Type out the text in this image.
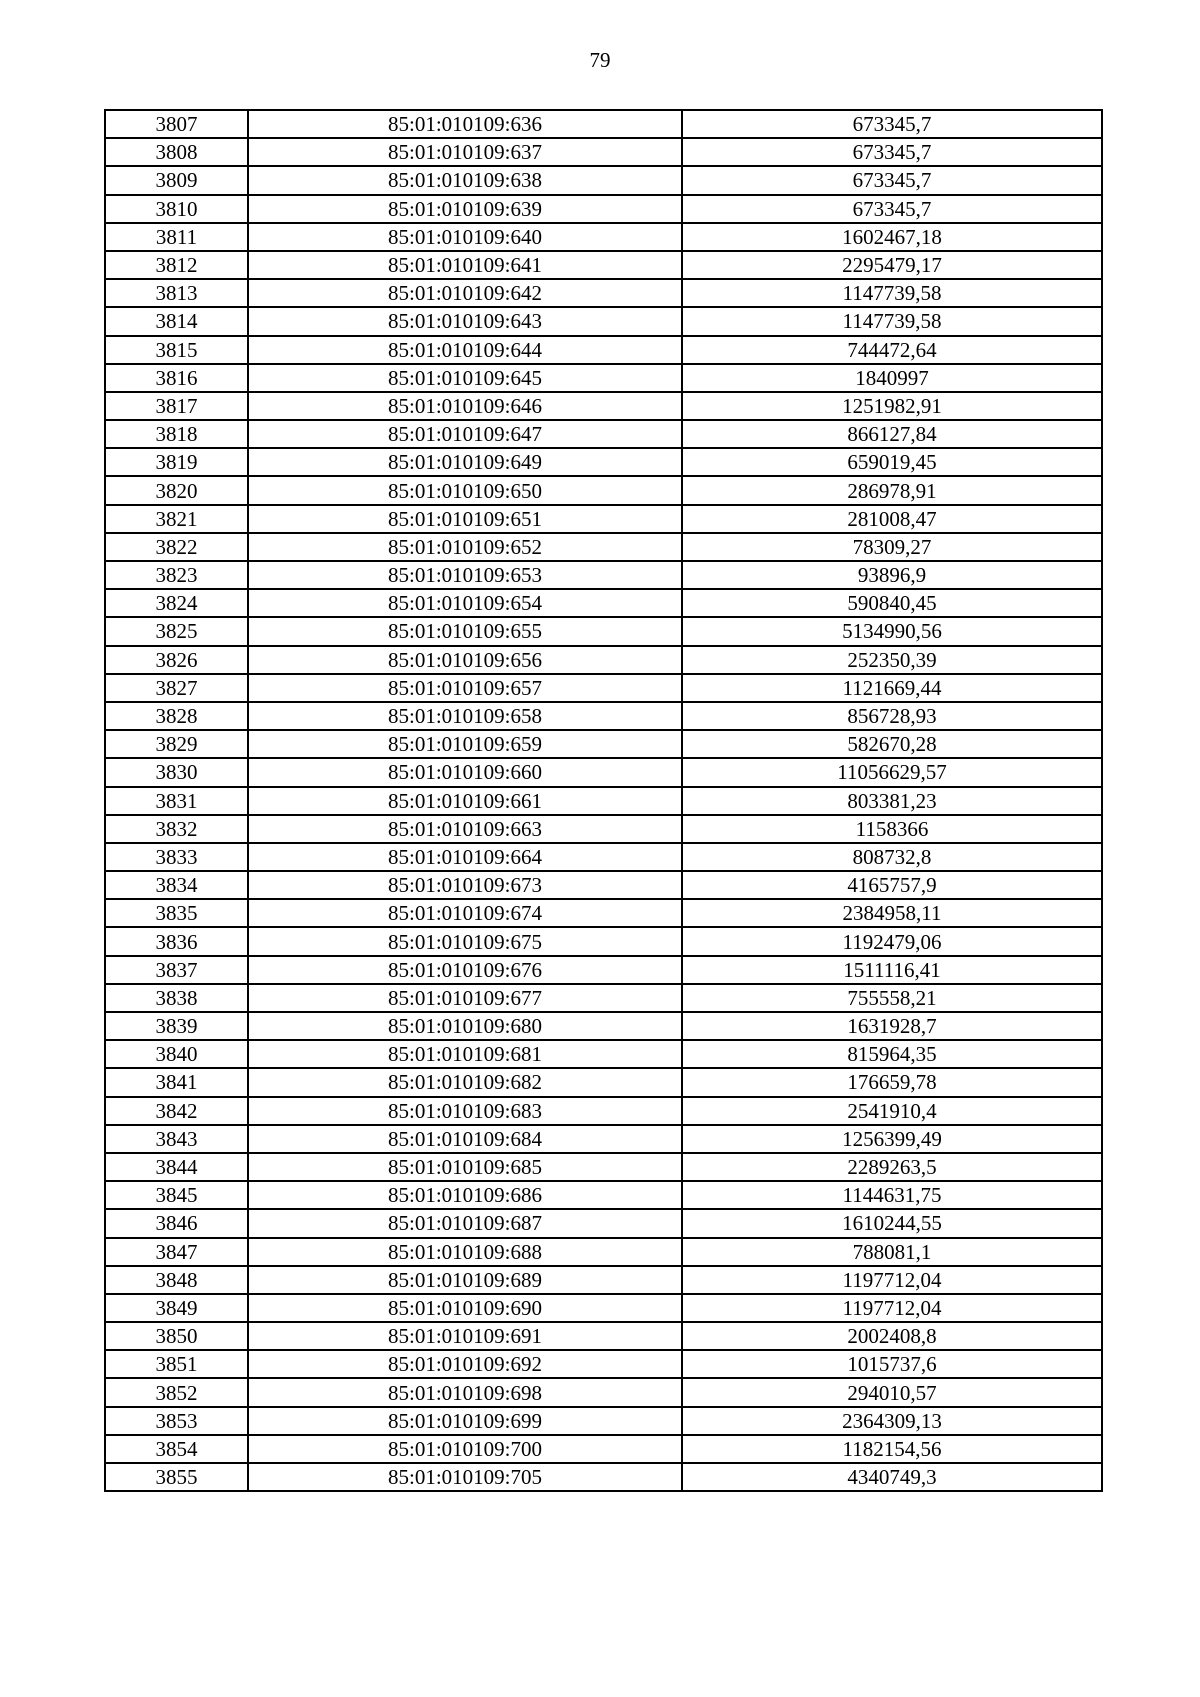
79
3807	85:01:010109:636	673345,7
3808	85:01:010109:637	673345,7
3809	85:01:010109:638	673345,7
3810	85:01:010109:639	673345,7
3811	85:01:010109:640	1602467,18
3812	85:01:010109:641	2295479,17
3813	85:01:010109:642	1147739,58
3814	85:01:010109:643	1147739,58
3815	85:01:010109:644	744472,64
3816	85:01:010109:645	1840997
3817	85:01:010109:646	1251982,91
3818	85:01:010109:647	866127,84
3819	85:01:010109:649	659019,45
3820	85:01:010109:650	286978,91
3821	85:01:010109:651	281008,47
3822	85:01:010109:652	78309,27
3823	85:01:010109:653	93896,9
3824	85:01:010109:654	590840,45
3825	85:01:010109:655	5134990,56
3826	85:01:010109:656	252350,39
3827	85:01:010109:657	1121669,44
3828	85:01:010109:658	856728,93
3829	85:01:010109:659	582670,28
3830	85:01:010109:660	11056629,57
3831	85:01:010109:661	803381,23
3832	85:01:010109:663	1158366
3833	85:01:010109:664	808732,8
3834	85:01:010109:673	4165757,9
3835	85:01:010109:674	2384958,11
3836	85:01:010109:675	1192479,06
3837	85:01:010109:676	1511116,41
3838	85:01:010109:677	755558,21
3839	85:01:010109:680	1631928,7
3840	85:01:010109:681	815964,35
3841	85:01:010109:682	176659,78
3842	85:01:010109:683	2541910,4
3843	85:01:010109:684	1256399,49
3844	85:01:010109:685	2289263,5
3845	85:01:010109:686	1144631,75
3846	85:01:010109:687	1610244,55
3847	85:01:010109:688	788081,1
3848	85:01:010109:689	1197712,04
3849	85:01:010109:690	1197712,04
3850	85:01:010109:691	2002408,8
3851	85:01:010109:692	1015737,6
3852	85:01:010109:698	294010,57
3853	85:01:010109:699	2364309,13
3854	85:01:010109:700	1182154,56
3855	85:01:010109:705	4340749,3
